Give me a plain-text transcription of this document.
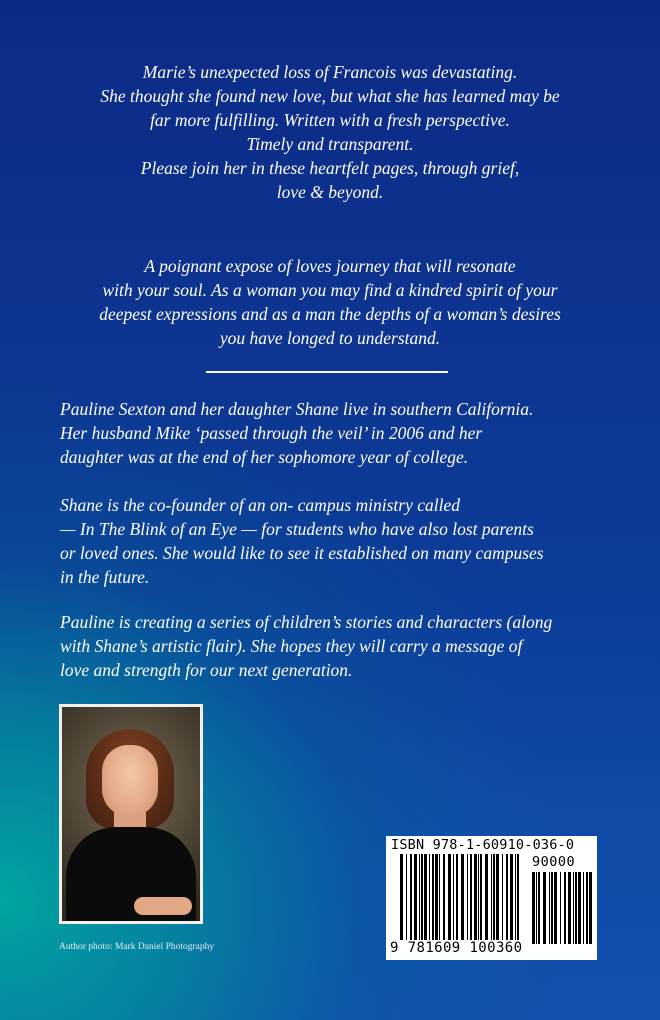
Marie’s unexpected loss of Francois was devastating.

She thought she found new love, but what she has learned may be

far more fulfilling. Written with a fresh perspective.

Timely and transparent.

Please join her in these heartfelt pages, through grief,

love & beyond.

A poignant expose of loves journey that will resonate

with your soul. As a woman you may find a kindred spirit of your

deepest expressions and as a man the depths of a woman’s desires

you have longed to understand.

Pauline Sexton and her daughter Shane live in southern California.
Her husband Mike ‘passed through the veil’ in 2006 and her
daughter was at the end of her sophomore year of college.
Shane is the co-founder of an on- campus ministry called
— In The Blink of an Eye — for students who have also lost parents
or loved ones. She would like to see it established on many campuses
in the future.
Pauline is creating a series of children’s stories and characters (along
with Shane’s artistic flair). She hopes they will carry a message of
love and strength for our next generation.
Author photo: Mark Daniel Photography
ISBN 978-1-60910-036-0
90000
9 781609 100360
